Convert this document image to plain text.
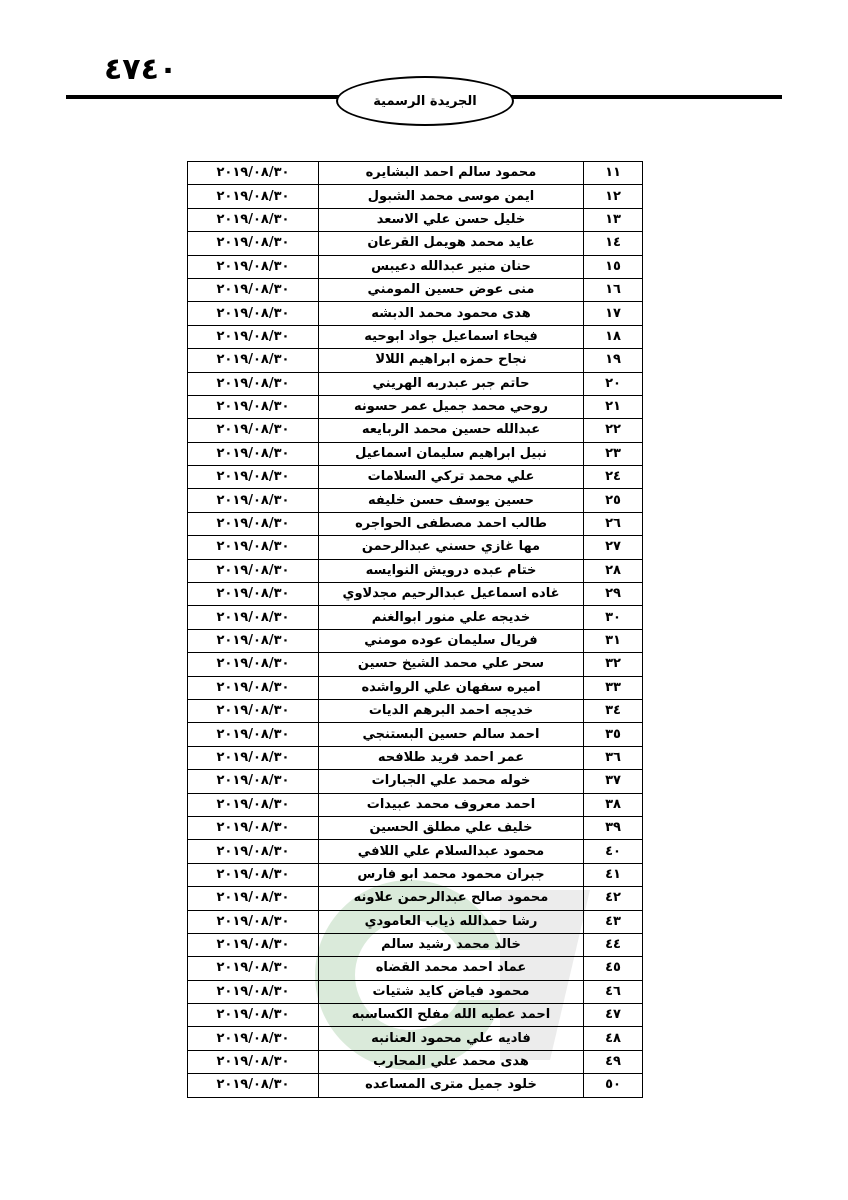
٤٧٤٠
الجريدة الرسمية
١١	محمود سالم احمد البشايره	٢٠١٩/٠٨/٣٠
١٢	ايمن موسى محمد الشبول	٢٠١٩/٠٨/٣٠
١٣	خليل حسن علي الاسعد	٢٠١٩/٠٨/٣٠
١٤	عايد محمد هويمل القرعان	٢٠١٩/٠٨/٣٠
١٥	حنان منير عبدالله دعيبس	٢٠١٩/٠٨/٣٠
١٦	منى عوض حسين المومني	٢٠١٩/٠٨/٣٠
١٧	هدى محمود محمد الدبشه	٢٠١٩/٠٨/٣٠
١٨	فيحاء اسماعيل جواد ابوحيه	٢٠١٩/٠٨/٣٠
١٩	نجاح حمزه ابراهيم اللالا	٢٠١٩/٠٨/٣٠
٢٠	حاتم جبر عبدربه الهريني	٢٠١٩/٠٨/٣٠
٢١	روحي محمد جميل عمر حسونه	٢٠١٩/٠٨/٣٠
٢٢	عبدالله حسين محمد الربايعه	٢٠١٩/٠٨/٣٠
٢٣	نبيل ابراهيم سليمان اسماعيل	٢٠١٩/٠٨/٣٠
٢٤	علي محمد تركي السلامات	٢٠١٩/٠٨/٣٠
٢٥	حسين يوسف حسن خليفه	٢٠١٩/٠٨/٣٠
٢٦	طالب احمد مصطفى الحواجره	٢٠١٩/٠٨/٣٠
٢٧	مها غازي حسني عبدالرحمن	٢٠١٩/٠٨/٣٠
٢٨	ختام عبده درويش النوايسه	٢٠١٩/٠٨/٣٠
٢٩	غاده اسماعيل عبدالرحيم مجدلاوي	٢٠١٩/٠٨/٣٠
٣٠	خديجه علي منور ابوالغنم	٢٠١٩/٠٨/٣٠
٣١	فريال سليمان عوده مومني	٢٠١٩/٠٨/٣٠
٣٢	سحر علي محمد الشيخ حسين	٢٠١٩/٠٨/٣٠
٣٣	اميره سفهان علي الرواشده	٢٠١٩/٠٨/٣٠
٣٤	خديجه احمد البرهم الديات	٢٠١٩/٠٨/٣٠
٣٥	احمد سالم حسين البستنجي	٢٠١٩/٠٨/٣٠
٣٦	عمر احمد فريد طلافحه	٢٠١٩/٠٨/٣٠
٣٧	خوله محمد علي الجبارات	٢٠١٩/٠٨/٣٠
٣٨	احمد معروف محمد عبيدات	٢٠١٩/٠٨/٣٠
٣٩	خليف علي مطلق الحسين	٢٠١٩/٠٨/٣٠
٤٠	محمود عبدالسلام علي اللافي	٢٠١٩/٠٨/٣٠
٤١	جبران محمود محمد ابو فارس	٢٠١٩/٠٨/٣٠
٤٢	محمود صالح عبدالرحمن علاونه	٢٠١٩/٠٨/٣٠
٤٣	رشا حمدالله ذياب العامودي	٢٠١٩/٠٨/٣٠
٤٤	خالد محمد رشيد سالم	٢٠١٩/٠٨/٣٠
٤٥	عماد احمد محمد القضاه	٢٠١٩/٠٨/٣٠
٤٦	محمود فياض كايد شتيات	٢٠١٩/٠٨/٣٠
٤٧	احمد عطيه الله مفلح الكساسبه	٢٠١٩/٠٨/٣٠
٤٨	فاديه علي محمود العنانبه	٢٠١٩/٠٨/٣٠
٤٩	هدى محمد علي المحارب	٢٠١٩/٠٨/٣٠
٥٠	خلود جميل مترى المساعده	٢٠١٩/٠٨/٣٠
